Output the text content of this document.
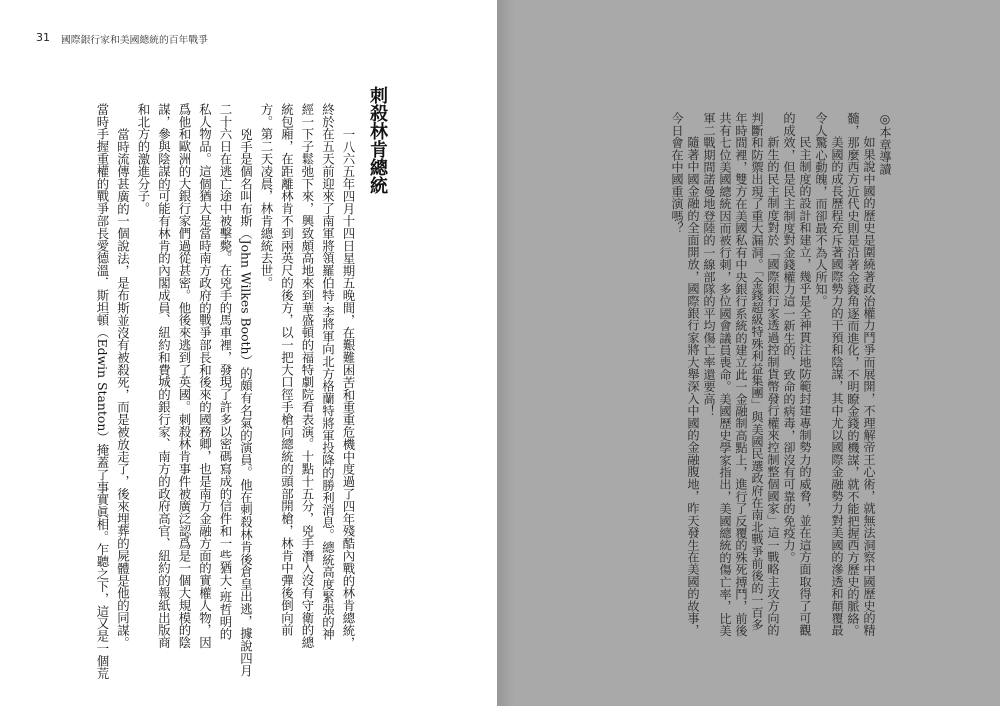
31 國際銀行家和美國總統的百年戰爭
刺殺林肯總統
一八六五年四月十四日星期五晚間，在艱難困苦和重重危機中度過了四年殘酷內戰的林肯總統，
終於在五天前迎來了南軍將領羅伯特·李將軍向北方格蘭特將軍投降的勝利消息。總統高度緊張的神
經一下子鬆弛下來，興致頗高地來到華盛頓的福特劇院看表演。十點十五分，兇手潛入沒有守衛的總
統包廂，在距離林肯不到兩英尺的後方，以一把大口徑手槍向總統的頭部開槍，林肯中彈後倒向前
方。第二天凌晨，林肯總統去世。
兇手是個名叫布斯（John Wilkes Booth）的頗有名氣的演員。他在刺殺林肯後倉皇出逃，據說四月
二十六日在逃亡途中被擊斃。在兇手的馬車裡，發現了許多以密碼寫成的信件和一些猶大·班哲明的
私人物品。這個猶大是當時南方政府的戰爭部長和後來的國務卿，也是南方金融方面的實權人物，因
爲他和歐洲的大銀行家們過從甚密。他後來逃到了英國。刺殺林肯事件被廣泛認爲是一個大規模的陰
謀，參與陰謀的可能有林肯的內閣成員、紐約和費城的銀行家、南方的政府高官、紐約的報紙出版商
和北方的激進分子。
當時流傳甚廣的一個說法，是布斯並沒有被殺死，而是被放走了，後來埋葬的屍體是他的同謀。
當時手握重權的戰爭部長愛德溫．斯坦頓（Edwin Stanton）掩蓋了事實眞相。乍聽之下，這又是一個荒	◎本章導讀
如果說中國的歷史是圍繞著政治權力鬥爭而展開，不理解帝王心術，就無法洞察中國歷史的精
髓，那麼西方近代史則是沿著金錢角逐而進化，不明瞭金錢的機謀，就不能把握西方歷史的脈絡。
美國的成長歷程充斥著國際勢力的干預和陰謀，其中尤以國際金融勢力對美國的滲透和顛覆最
令人驚心動魄，而卻最不為人所知。
民主制度的設計和建立，幾乎是全神貫注地防範封建專制勢力的威脅，並在這方面取得了可觀
的成效，但是民主制度對金錢權力這一新生的、致命的病毒，卻沒有可靠的免疫力。
新生的民主制度對於「國際銀行家透過控制貨幣發行權來控制整個國家」這一戰略主攻方向的
判斷和防禦出現了重大漏洞。「金錢超級特殊利益集團」與美國民選政府在南北戰爭前後的一百多
年時間裡，雙方在美國私有中央銀行系統的建立此一金融制高點上，進行了反覆的殊死搏鬥，前後
共有七位美國總統因而被行刺，多位國會議員喪命。美國歷史學家指出，美國總統的傷亡率，比美
軍二戰期間諾曼地登陸的一線部隊的平均傷亡率還要高！
隨著中國金融的全面開放，國際銀行家將大舉深入中國的金融腹地，昨天發生在美國的故事，
今日會在中國重演嗎？
